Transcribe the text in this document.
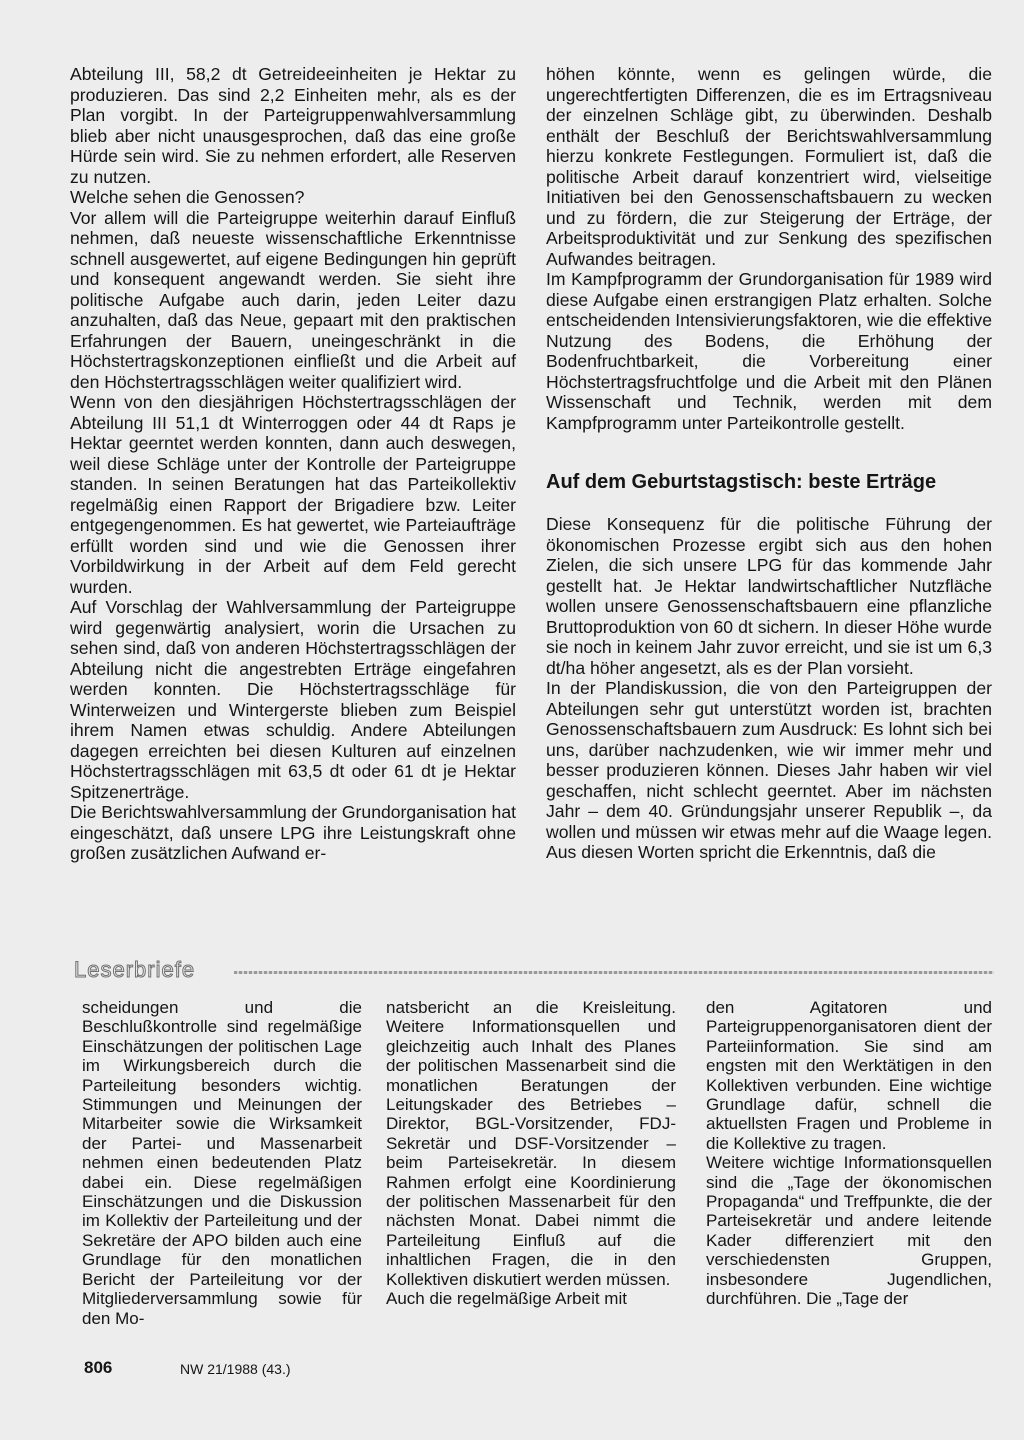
Abteilung III, 58,2 dt Getreideeinheiten je Hektar zu produzieren. Das sind 2,2 Einheiten mehr, als es der Plan vorgibt. In der Parteigruppenwahlversammlung blieb aber nicht unausgesprochen, daß das eine große Hürde sein wird. Sie zu nehmen erfordert, alle Reserven zu nutzen.

Welche sehen die Genossen?

Vor allem will die Parteigruppe weiterhin darauf Einfluß nehmen, daß neueste wissenschaftliche Erkenntnisse schnell ausgewertet, auf eigene Bedingungen hin geprüft und konsequent angewandt werden. Sie sieht ihre politische Aufgabe auch darin, jeden Leiter dazu anzuhalten, daß das Neue, gepaart mit den praktischen Erfahrungen der Bauern, uneingeschränkt in die Höchstertragskonzeptionen einfließt und die Arbeit auf den Höchstertragsschlägen weiter qualifiziert wird.

Wenn von den diesjährigen Höchstertragsschlägen der Abteilung III 51,1 dt Winterroggen oder 44 dt Raps je Hektar geerntet werden konnten, dann auch deswegen, weil diese Schläge unter der Kontrolle der Parteigruppe standen. In seinen Beratungen hat das Parteikollektiv regelmäßig einen Rapport der Brigadiere bzw. Leiter entgegengenommen. Es hat gewertet, wie Parteiaufträge erfüllt worden sind und wie die Genossen ihrer Vorbildwirkung in der Arbeit auf dem Feld gerecht wurden.

Auf Vorschlag der Wahlversammlung der Parteigruppe wird gegenwärtig analysiert, worin die Ursachen zu sehen sind, daß von anderen Höchstertragsschlägen der Abteilung nicht die angestrebten Erträge eingefahren werden konnten. Die Höchstertragsschläge für Winterweizen und Wintergerste blieben zum Beispiel ihrem Namen etwas schuldig. Andere Abteilungen dagegen erreichten bei diesen Kulturen auf einzelnen Höchstertragsschlägen mit 63,5 dt oder 61 dt je Hektar Spitzenerträge.

Die Berichtswahlversammlung der Grundorganisation hat eingeschätzt, daß unsere LPG ihre Leistungskraft ohne großen zusätzlichen Aufwand er-

höhen könnte, wenn es gelingen würde, die ungerechtfertigten Differenzen, die es im Ertragsniveau der einzelnen Schläge gibt, zu überwinden. Deshalb enthält der Beschluß der Berichtswahlversammlung hierzu konkrete Festlegungen. Formuliert ist, daß die politische Arbeit darauf konzentriert wird, vielseitige Initiativen bei den Genossenschaftsbauern zu wecken und zu fördern, die zur Steigerung der Erträge, der Arbeitsproduktivität und zur Senkung des spezifischen Aufwandes beitragen.

Im Kampfprogramm der Grundorganisation für 1989 wird diese Aufgabe einen erstrangigen Platz erhalten. Solche entscheidenden Intensivierungsfaktoren, wie die effektive Nutzung des Bodens, die Erhöhung der Bodenfruchtbarkeit, die Vorbereitung einer Höchstertragsfruchtfolge und die Arbeit mit den Plänen Wissenschaft und Technik, werden mit dem Kampfprogramm unter Parteikontrolle gestellt.

Auf dem Geburtstagstisch: beste Erträge

Diese Konsequenz für die politische Führung der ökonomischen Prozesse ergibt sich aus den hohen Zielen, die sich unsere LPG für das kommende Jahr gestellt hat. Je Hektar landwirtschaftlicher Nutzfläche wollen unsere Genossenschaftsbauern eine pflanzliche Bruttoproduktion von 60 dt sichern. In dieser Höhe wurde sie noch in keinem Jahr zuvor erreicht, und sie ist um 6,3 dt/ha höher angesetzt, als es der Plan vorsieht.

In der Plandiskussion, die von den Parteigruppen der Abteilungen sehr gut unterstützt worden ist, brachten Genossenschaftsbauern zum Ausdruck: Es lohnt sich bei uns, darüber nachzudenken, wie wir immer mehr und besser produzieren können. Dieses Jahr haben wir viel geschaffen, nicht schlecht geerntet. Aber im nächsten Jahr – dem 40. Gründungsjahr unserer Republik –, da wollen und müssen wir etwas mehr auf die Waage legen. Aus diesen Worten spricht die Erkenntnis, daß die

Leserbriefe

scheidungen und die Beschlußkontrolle sind regelmäßige Einschätzungen der politischen Lage im Wirkungsbereich durch die Parteileitung besonders wichtig. Stimmungen und Meinungen der Mitarbeiter sowie die Wirksamkeit der Partei- und Massenarbeit nehmen einen bedeutenden Platz dabei ein. Diese regelmäßigen Einschätzungen und die Diskussion im Kollektiv der Parteileitung und der Sekretäre der APO bilden auch eine Grundlage für den monatlichen Bericht der Parteileitung vor der Mitgliederversammlung sowie für den Mo-

natsbericht an die Kreisleitung. Weitere Informationsquellen und gleichzeitig auch Inhalt des Planes der politischen Massenarbeit sind die monatlichen Beratungen der Leitungskader des Betriebes – Direktor, BGL-Vorsitzender, FDJ-Sekretär und DSF-Vorsitzender – beim Parteisekretär. In diesem Rahmen erfolgt eine Koordinierung der politischen Massenarbeit für den nächsten Monat. Dabei nimmt die Parteileitung Einfluß auf die inhaltlichen Fragen, die in den Kollektiven diskutiert werden müssen.

Auch die regelmäßige Arbeit mit

den Agitatoren und Parteigruppenorganisatoren dient der Parteiinformation. Sie sind am engsten mit den Werktätigen in den Kollektiven verbunden. Eine wichtige Grundlage dafür, schnell die aktuellsten Fragen und Probleme in die Kollektive zu tragen.

Weitere wichtige Informationsquellen sind die „Tage der ökonomischen Propaganda“ und Treffpunkte, die der Parteisekretär und andere leitende Kader differenziert mit den verschiedensten Gruppen, insbesondere Jugendlichen, durchführen. Die „Tage der

806	NW 21/1988 (43.)
